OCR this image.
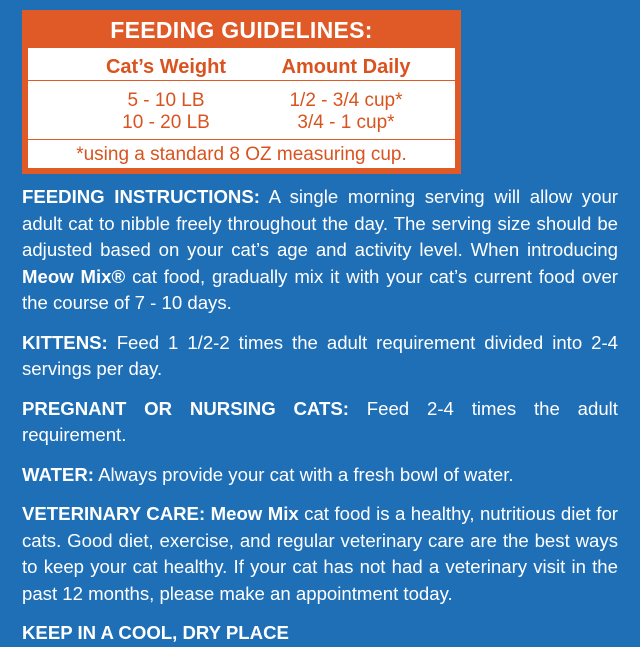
FEEDING GUIDELINES:
Cat’s Weight	Amount Daily
5 - 10 LB	1/2 - 3/4 cup*
10 - 20 LB	3/4 - 1 cup*
*using a standard 8 OZ measuring cup.

FEEDING INSTRUCTIONS: A single morning serving will allow your adult cat to nibble freely throughout the day. The serving size should be adjusted based on your cat’s age and activity level. When introducing Meow Mix® cat food, gradually mix it with your cat’s current food over the course of 7 - 10 days.

KITTENS: Feed 1 1/2-2 times the adult requirement divided into 2-4 servings per day.

PREGNANT OR NURSING CATS: Feed 2-4 times the adult requirement.

WATER: Always provide your cat with a fresh bowl of water.

VETERINARY CARE: Meow Mix cat food is a healthy, nutritious diet for cats. Good diet, exercise, and regular veterinary care are the best ways to keep your cat healthy. If your cat has not had a veterinary visit in the past 12 months, please make an appointment today.

KEEP IN A COOL, DRY PLACE
